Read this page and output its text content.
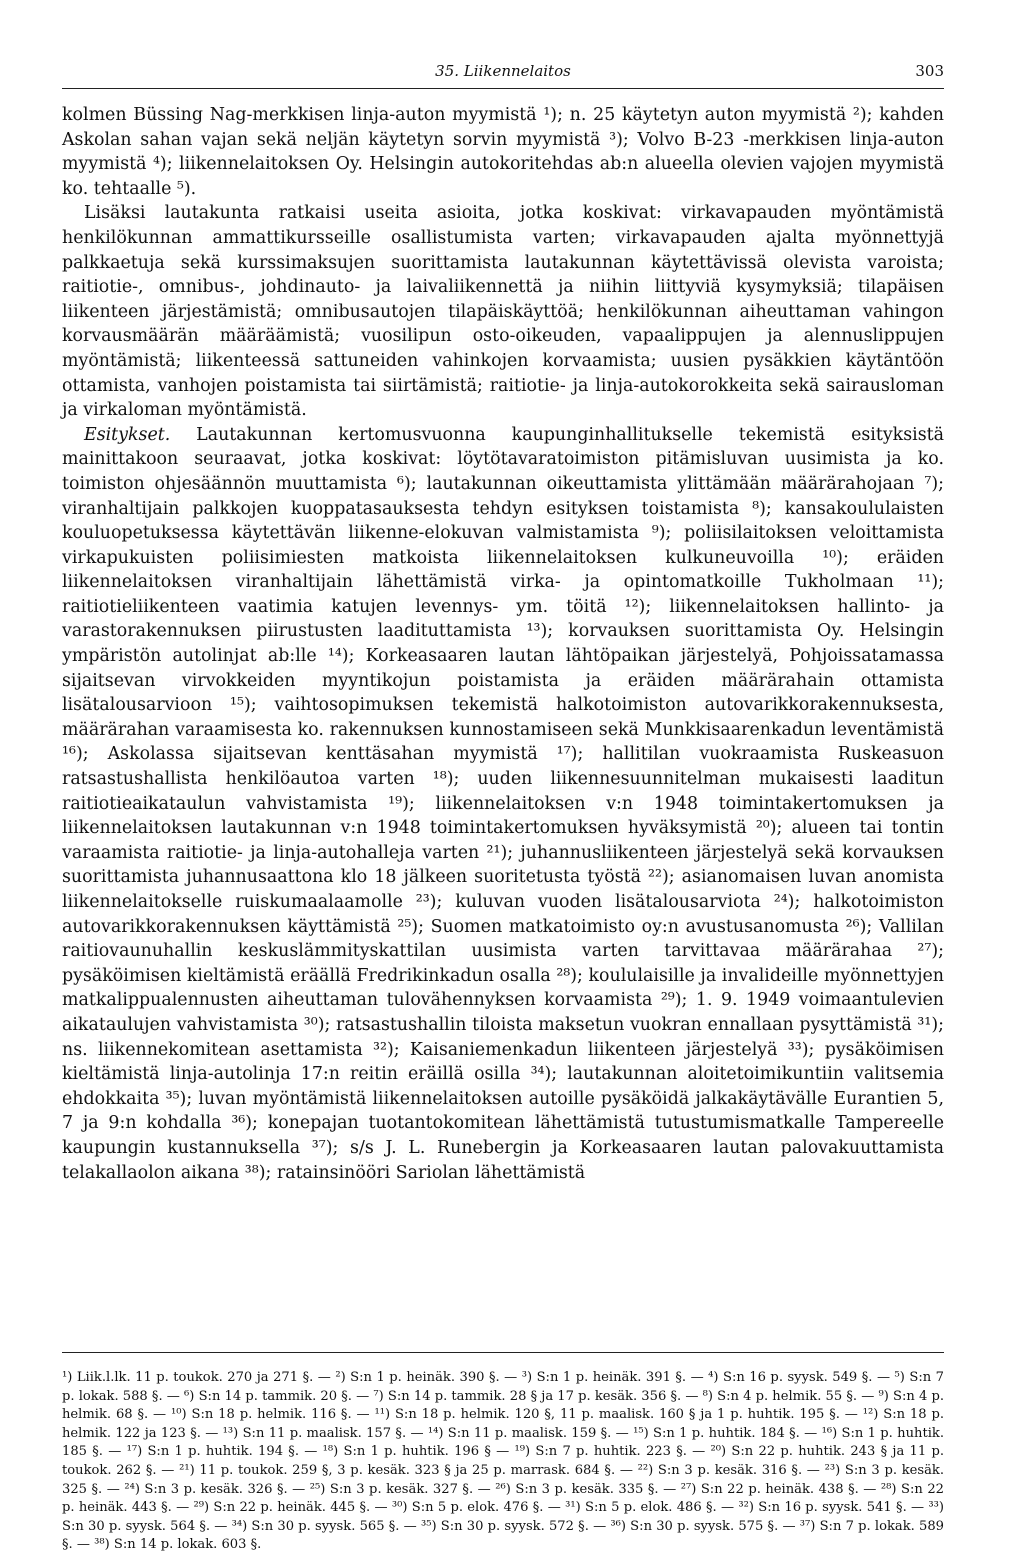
35. Liikennelaitos	303

kolmen Büssing Nag-merkkisen linja-auton myymistä ¹); n. 25 käytetyn auton myymistä ²); kahden Askolan sahan vajan sekä neljän käytetyn sorvin myymistä ³); Volvo B-23 -merkkisen linja-auton myymistä ⁴); liikennelaitoksen Oy. Helsingin autokoritehdas ab:n alueella olevien vajojen myymistä ko. tehtaalle ⁵).

Lisäksi lautakunta ratkaisi useita asioita, jotka koskivat: virkavapauden myöntämistä henkilökunnan ammattikursseille osallistumista varten; virkavapauden ajalta myönnettyjä palkkaetuja sekä kurssimaksujen suorittamista lautakunnan käytettävissä olevista varoista; raitiotie-, omnibus-, johdinauto- ja laivaliikennettä ja niihin liittyviä kysymyksiä; tilapäisen liikenteen järjestämistä; omnibusautojen tilapäiskäyttöä; henkilökunnan aiheuttaman vahingon korvausmäärän määräämistä; vuosilipun osto-oikeuden, vapaalippujen ja alennuslippujen myöntämistä; liikenteessä sattuneiden vahinkojen korvaamista; uusien pysäkkien käytäntöön ottamista, vanhojen poistamista tai siirtämistä; raitiotie- ja linja-autokorokkeita sekä sairausloman ja virkaloman myöntämistä.

Esitykset. Lautakunnan kertomusvuonna kaupunginhallitukselle tekemistä esityksistä mainittakoon seuraavat, jotka koskivat: löytötavaratoimiston pitämisluvan uusimista ja ko. toimiston ohjesäännön muuttamista ⁶); lautakunnan oikeuttamista ylittämään määrärahojaan ⁷); viranhaltijain palkkojen kuoppatasauksesta tehdyn esityksen toistamista ⁸); kansakoululaisten kouluopetuksessa käytettävän liikenne-elokuvan valmistamista ⁹); poliisilaitoksen veloittamista virkapukuisten poliisimiesten matkoista liikennelaitoksen kulkuneuvoilla ¹⁰); eräiden liikennelaitoksen viranhaltijain lähettämistä virka- ja opintomatkoille Tukholmaan ¹¹); raitiotieliikenteen vaatimia katujen levennys- ym. töitä ¹²); liikennelaitoksen hallinto- ja varastorakennuksen piirustusten laadituttamista ¹³); korvauksen suorittamista Oy. Helsingin ympäristön autolinjat ab:lle ¹⁴); Korkeasaaren lautan lähtöpaikan järjestelyä, Pohjoissatamassa sijaitsevan virvokkeiden myyntikojun poistamista ja eräiden määrärahain ottamista lisätalousarvioon ¹⁵); vaihtosopimuksen tekemistä halkotoimiston autovarikkorakennuksesta, määrärahan varaamisesta ko. rakennuksen kunnostamiseen sekä Munkkisaarenkadun leventämistä ¹⁶); Askolassa sijaitsevan kenttäsahan myymistä ¹⁷); hallitilan vuokraamista Ruskeasuon ratsastushallista henkilöautoa varten ¹⁸); uuden liikennesuunnitelman mukaisesti laaditun raitiotieaikataulun vahvistamista ¹⁹); liikennelaitoksen v:n 1948 toimintakertomuksen ja liikennelaitoksen lautakunnan v:n 1948 toimintakertomuksen hyväksymistä ²⁰); alueen tai tontin varaamista raitiotie- ja linja-autohalleja varten ²¹); juhannusliikenteen järjestelyä sekä korvauksen suorittamista juhannusaattona klo 18 jälkeen suoritetusta työstä ²²); asianomaisen luvan anomista liikennelaitokselle ruiskumaalaamolle ²³); kuluvan vuoden lisätalousarviota ²⁴); halkotoimiston autovarikkorakennuksen käyttämistä ²⁵); Suomen matkatoimisto oy:n avustusanomusta ²⁶); Vallilan raitiovaunuhallin keskuslämmityskattilan uusimista varten tarvittavaa määrärahaa ²⁷); pysäköimisen kieltämistä eräällä Fredrikinkadun osalla ²⁸); koululaisille ja invalideille myönnettyjen matkalippualennusten aiheuttaman tulovähennyksen korvaamista ²⁹); 1. 9. 1949 voimaantulevien aikataulujen vahvistamista ³⁰); ratsastushallin tiloista maksetun vuokran ennallaan pysyttämistä ³¹); ns. liikennekomitean asettamista ³²); Kaisaniemenkadun liikenteen järjestelyä ³³); pysäköimisen kieltämistä linja-autolinja 17:n reitin eräillä osilla ³⁴); lautakunnan aloitetoimikuntiin valitsemia ehdokkaita ³⁵); luvan myöntämistä liikennelaitoksen autoille pysäköidä jalkakäytävälle Eurantien 5, 7 ja 9:n kohdalla ³⁶); konepajan tuotantokomitean lähettämistä tutustumismatkalle Tampereelle kaupungin kustannuksella ³⁷); s/s J. L. Runebergin ja Korkeasaaren lautan palovakuuttamista telakallaolon aikana ³⁸); ratainsinööri Sariolan lähettämistä

¹) Liik.l.lk. 11 p. toukok. 270 ja 271 §. — ²) S:n 1 p. heinäk. 390 §. — ³) S:n 1 p. heinäk. 391 §. — ⁴) S:n 16 p. syysk. 549 §. — ⁵) S:n 7 p. lokak. 588 §. — ⁶) S:n 14 p. tammik. 20 §. — ⁷) S:n 14 p. tammik. 28 § ja 17 p. kesäk. 356 §. — ⁸) S:n 4 p. helmik. 55 §. — ⁹) S:n 4 p. helmik. 68 §. — ¹⁰) S:n 18 p. helmik. 116 §. — ¹¹) S:n 18 p. helmik. 120 §, 11 p. maalisk. 160 § ja 1 p. huhtik. 195 §. — ¹²) S:n 18 p. helmik. 122 ja 123 §. — ¹³) S:n 11 p. maalisk. 157 §. — ¹⁴) S:n 11 p. maalisk. 159 §. — ¹⁵) S:n 1 p. huhtik. 184 §. — ¹⁶) S:n 1 p. huhtik. 185 §. — ¹⁷) S:n 1 p. huhtik. 194 §. — ¹⁸) S:n 1 p. huhtik. 196 § — ¹⁹) S:n 7 p. huhtik. 223 §. — ²⁰) S:n 22 p. huhtik. 243 § ja 11 p. toukok. 262 §. — ²¹) 11 p. toukok. 259 §, 3 p. kesäk. 323 § ja 25 p. marrask. 684 §. — ²²) S:n 3 p. kesäk. 316 §. — ²³) S:n 3 p. kesäk. 325 §. — ²⁴) S:n 3 p. kesäk. 326 §. — ²⁵) S:n 3 p. kesäk. 327 §. — ²⁶) S:n 3 p. kesäk. 335 §. — ²⁷) S:n 22 p. heinäk. 438 §. — ²⁸) S:n 22 p. heinäk. 443 §. — ²⁹) S:n 22 p. heinäk. 445 §. — ³⁰) S:n 5 p. elok. 476 §. — ³¹) S:n 5 p. elok. 486 §. — ³²) S:n 16 p. syysk. 541 §. — ³³) S:n 30 p. syysk. 564 §. — ³⁴) S:n 30 p. syysk. 565 §. — ³⁵) S:n 30 p. syysk. 572 §. — ³⁶) S:n 30 p. syysk. 575 §. — ³⁷) S:n 7 p. lokak. 589 §. — ³⁸) S:n 14 p. lokak. 603 §.
